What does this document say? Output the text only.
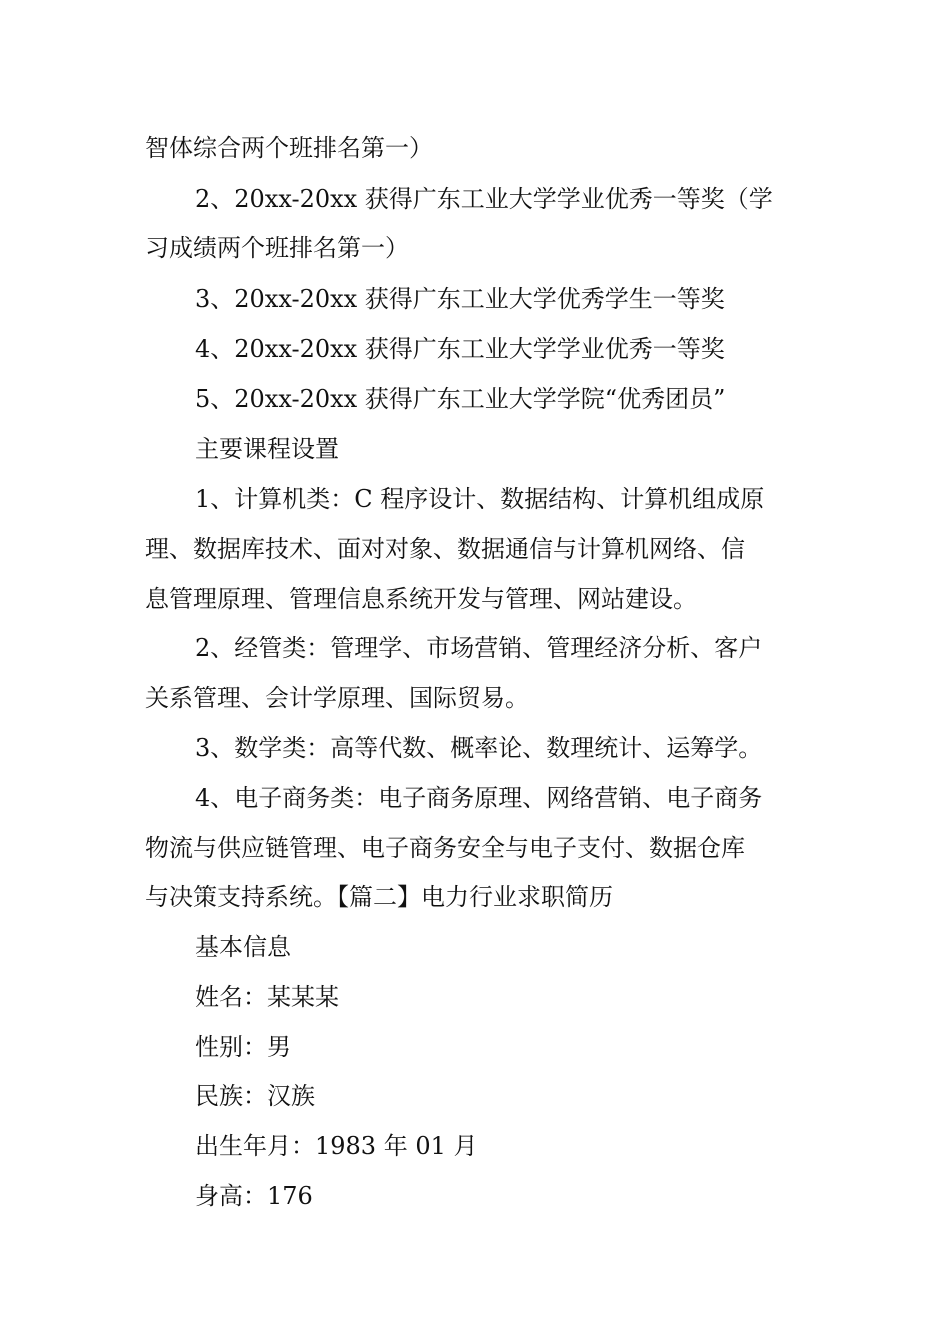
智体综合两个班排名第一）
2、20xx-20xx 获得广东工业大学学业优秀一等奖（学
习成绩两个班排名第一）
3、20xx-20xx 获得广东工业大学优秀学生一等奖
4、20xx-20xx 获得广东工业大学学业优秀一等奖
5、20xx-20xx 获得广东工业大学学院“优秀团员”
主要课程设置
1、计算机类：C 程序设计、数据结构、计算机组成原
理、数据库技术、面对对象、数据通信与计算机网络、信
息管理原理、管理信息系统开发与管理、网站建设。
2、经管类：管理学、市场营销、管理经济分析、客户
关系管理、会计学原理、国际贸易。
3、数学类：高等代数、概率论、数理统计、运筹学。
4、电子商务类：电子商务原理、网络营销、电子商务
物流与供应链管理、电子商务安全与电子支付、数据仓库
与决策支持系统。【篇二】电力行业求职简历
基本信息
姓名：某某某
性别：男
民族：汉族
出生年月：1983 年 01 月
身高：176
